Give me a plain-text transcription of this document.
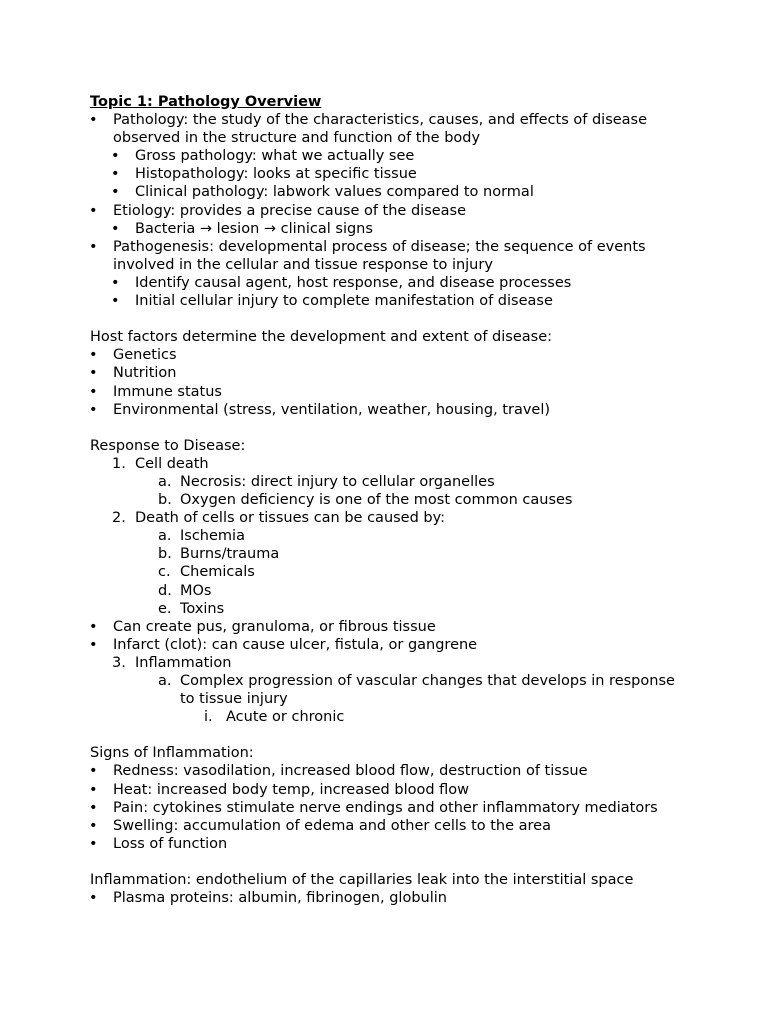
Topic 1: Pathology Overview
• Pathology: the study of the characteristics, causes, and effects of disease observed in the structure and function of the body
• Gross pathology: what we actually see
• Histopathology: looks at specific tissue
• Clinical pathology: labwork values compared to normal
• Etiology: provides a precise cause of the disease
• Bacteria → lesion → clinical signs
• Pathogenesis: developmental process of disease; the sequence of events involved in the cellular and tissue response to injury
• Identify causal agent, host response, and disease processes
• Initial cellular injury to complete manifestation of disease
Host factors determine the development and extent of disease:
• Genetics
• Nutrition
• Immune status
• Environmental (stress, ventilation, weather, housing, travel)
Response to Disease:
1. Cell death
a. Necrosis: direct injury to cellular organelles
b. Oxygen deficiency is one of the most common causes
2. Death of cells or tissues can be caused by:
a. Ischemia
b. Burns/trauma
c. Chemicals
d. MOs
e. Toxins
• Can create pus, granuloma, or fibrous tissue
• Infarct (clot): can cause ulcer, fistula, or gangrene
3. Inflammation
a. Complex progression of vascular changes that develops in response to tissue injury
i. Acute or chronic
Signs of Inflammation:
• Redness: vasodilation, increased blood flow, destruction of tissue
• Heat: increased body temp, increased blood flow
• Pain: cytokines stimulate nerve endings and other inflammatory mediators
• Swelling: accumulation of edema and other cells to the area
• Loss of function
Inflammation: endothelium of the capillaries leak into the interstitial space
• Plasma proteins: albumin, fibrinogen, globulin
